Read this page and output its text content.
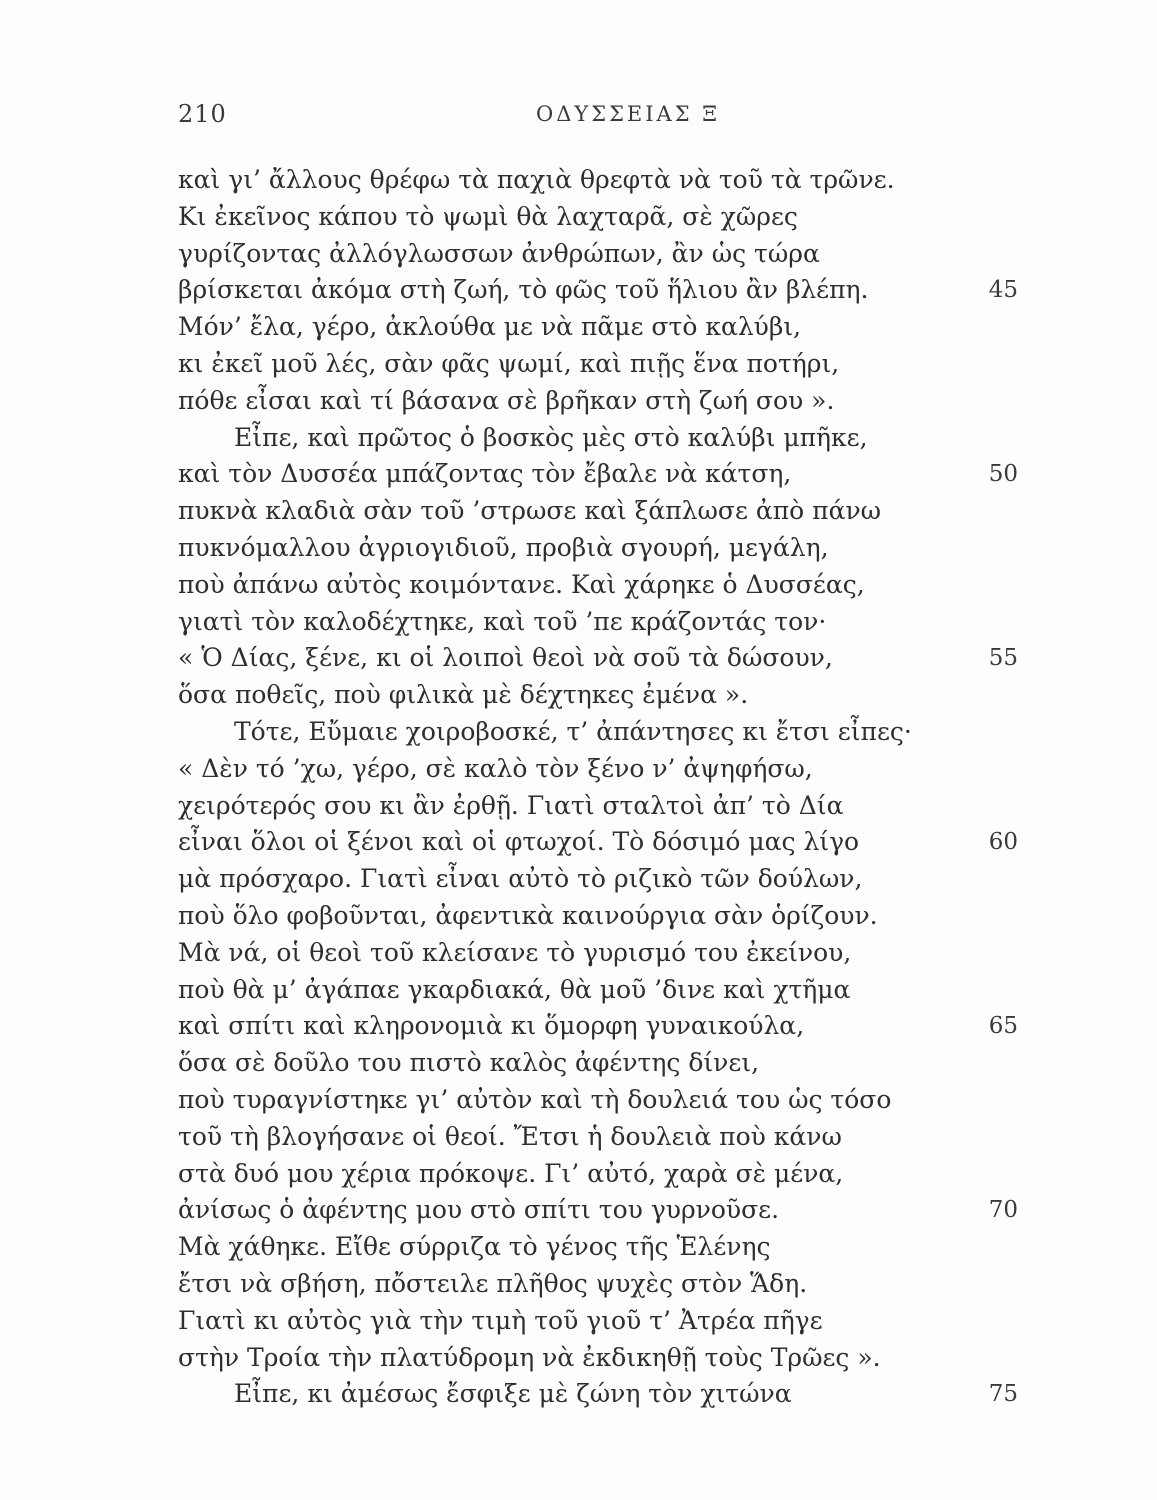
210	ΟΔΥΣΣΕΙΑΣ Ξ
καὶ γι’ ἄλλους θρέφω τὰ παχιὰ θρεφτὰ νὰ τοῦ τὰ τρῶνε.
Κι ἐκεῖνος κάπου τὸ ψωμὶ θὰ λαχταρᾶ, σὲ χῶρες
γυρίζοντας ἀλλόγλωσσων ἀνθρώπων, ἂν ὡς τώρα
βρίσκεται ἀκόμα στὴ ζωή, τὸ φῶς τοῦ ἥλιου ἂν βλέπη.	45
Μόν’ ἔλα, γέρο, ἀκλούθα με νὰ πᾶμε στὸ καλύβι,
κι ἐκεῖ μοῦ λές, σὰν φᾶς ψωμί, καὶ πιῇς ἕνα ποτήρι,
πόθε εἶσαι καὶ τί βάσανα σὲ βρῆκαν στὴ ζωή σου ».
Εἶπε, καὶ πρῶτος ὁ βοσκὸς μὲς στὸ καλύβι μπῆκε,
καὶ τὸν Δυσσέα μπάζοντας τὸν ἔβαλε νὰ κάτση,	50
πυκνὰ κλαδιὰ σὰν τοῦ ’στρωσε καὶ ξάπλωσε ἀπὸ πάνω
πυκνόμαλλου ἀγριογιδιοῦ, προβιὰ σγουρή, μεγάλη,
ποὺ ἀπάνω αὐτὸς κοιμόντανε. Καὶ χάρηκε ὁ Δυσσέας,
γιατὶ τὸν καλοδέχτηκε, καὶ τοῦ ’πε κράζοντάς τον·
« Ὁ Δίας, ξένε, κι οἱ λοιποὶ θεοὶ νὰ σοῦ τὰ δώσουν,	55
ὅσα ποθεῖς, ποὺ φιλικὰ μὲ δέχτηκες ἐμένα ».
Τότε, Εὔμαιε χοιροβοσκέ, τ’ ἀπάντησες κι ἔτσι εἶπες·
« Δὲν τό ’χω, γέρο, σὲ καλὸ τὸν ξένο ν’ ἀψηφήσω,
χειρότερός σου κι ἂν ἐρθῇ. Γιατὶ σταλτοὶ ἀπ’ τὸ Δία
εἶναι ὅλοι οἱ ξένοι καὶ οἱ φτωχοί. Τὸ δόσιμό μας λίγο	60
μὰ πρόσχαρο. Γιατὶ εἶναι αὐτὸ τὸ ριζικὸ τῶν δούλων,
ποὺ ὅλο φοβοῦνται, ἀφεντικὰ καινούργια σὰν ὁρίζουν.
Μὰ νά, οἱ θεοὶ τοῦ κλείσανε τὸ γυρισμό του ἐκείνου,
ποὺ θὰ μ’ ἀγάπαε γκαρδιακά, θὰ μοῦ ’δινε καὶ χτῆμα
καὶ σπίτι καὶ κληρονομιὰ κι ὅμορφη γυναικούλα,	65
ὅσα σὲ δοῦλο του πιστὸ καλὸς ἀφέντης δίνει,
ποὺ τυραγνίστηκε γι’ αὐτὸν καὶ τὴ δουλειά του ὡς τόσο
τοῦ τὴ βλογήσανε οἱ θεοί. Ἔτσι ἡ δουλειὰ ποὺ κάνω
στὰ δυό μου χέρια πρόκοψε. Γι’ αὐτό, χαρὰ σὲ μένα,
ἀνίσως ὁ ἀφέντης μου στὸ σπίτι του γυρνοῦσε.	70
Μὰ χάθηκε. Εἴθε σύρριζα τὸ γένος τῆς Ἑλένης
ἔτσι νὰ σβήση, πὄστειλε πλῆθος ψυχὲς στὸν Ἅδη.
Γιατὶ κι αὐτὸς γιὰ τὴν τιμὴ τοῦ γιοῦ τ’ Ἀτρέα πῆγε
στὴν Τροία τὴν πλατύδρομη νὰ ἐκδικηθῇ τοὺς Τρῶες ».
Εἶπε, κι ἀμέσως ἔσφιξε μὲ ζώνη τὸν χιτώνα	75
